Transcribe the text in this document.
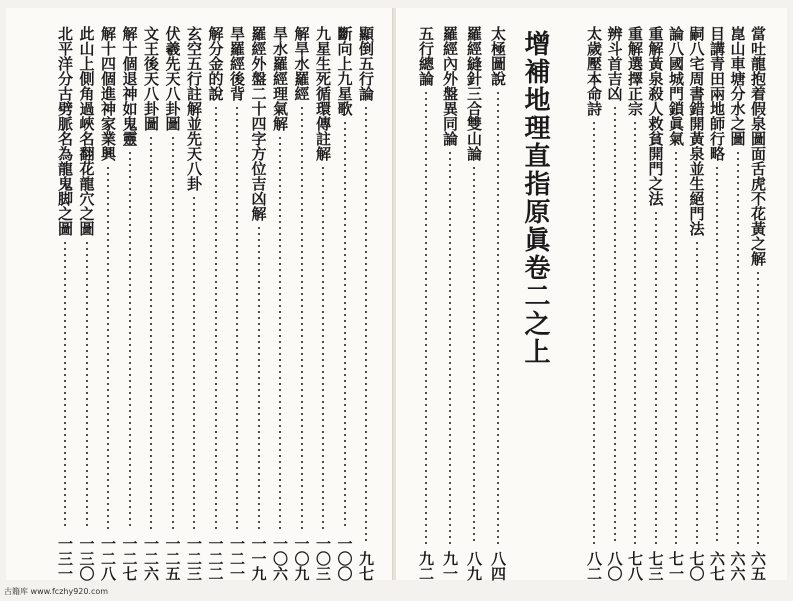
顯倒五行論
九七
斷向上九星歌
一〇〇
九星生死循環傳註解
一〇三
解旱水羅經
一〇九
旱水羅經理氣解
一〇六
羅經外盤二十四字方位吉凶解
一一九
旱羅經後背
一二一
解分金的說
一二二
玄空五行註解並先天八卦
一二三
伏羲先天八卦圖
一二五
文王後天八卦圖
一二六
解十個退神如鬼靈
一二七
解十四個進神家業興
一二八
此山上側角過峽名翻花龍穴之圖
一三〇
北平洋分古劈脈名為龍鬼脚之圖
一三一
當吐龍抱着假泉圖面舌虎不花黃之解
六五
崑山車塘分水之圖
六六
目講青田兩地師行略
六七
嗣八宅周書錯開黃泉並生絕門法
七〇
論八國城門鎖眞氣
七一
重解黃泉殺人救貧開門之法
七三
重解選擇正宗
七八
辨斗首吉凶
八〇
太歲壓本命詩
八二
增補地理直指原眞卷二之上
太極圖說
八四
羅經縫針三合雙山論
八九
羅經內外盤異同論
九一
五行總論
九二
古籍库 www.fczhy920.com
